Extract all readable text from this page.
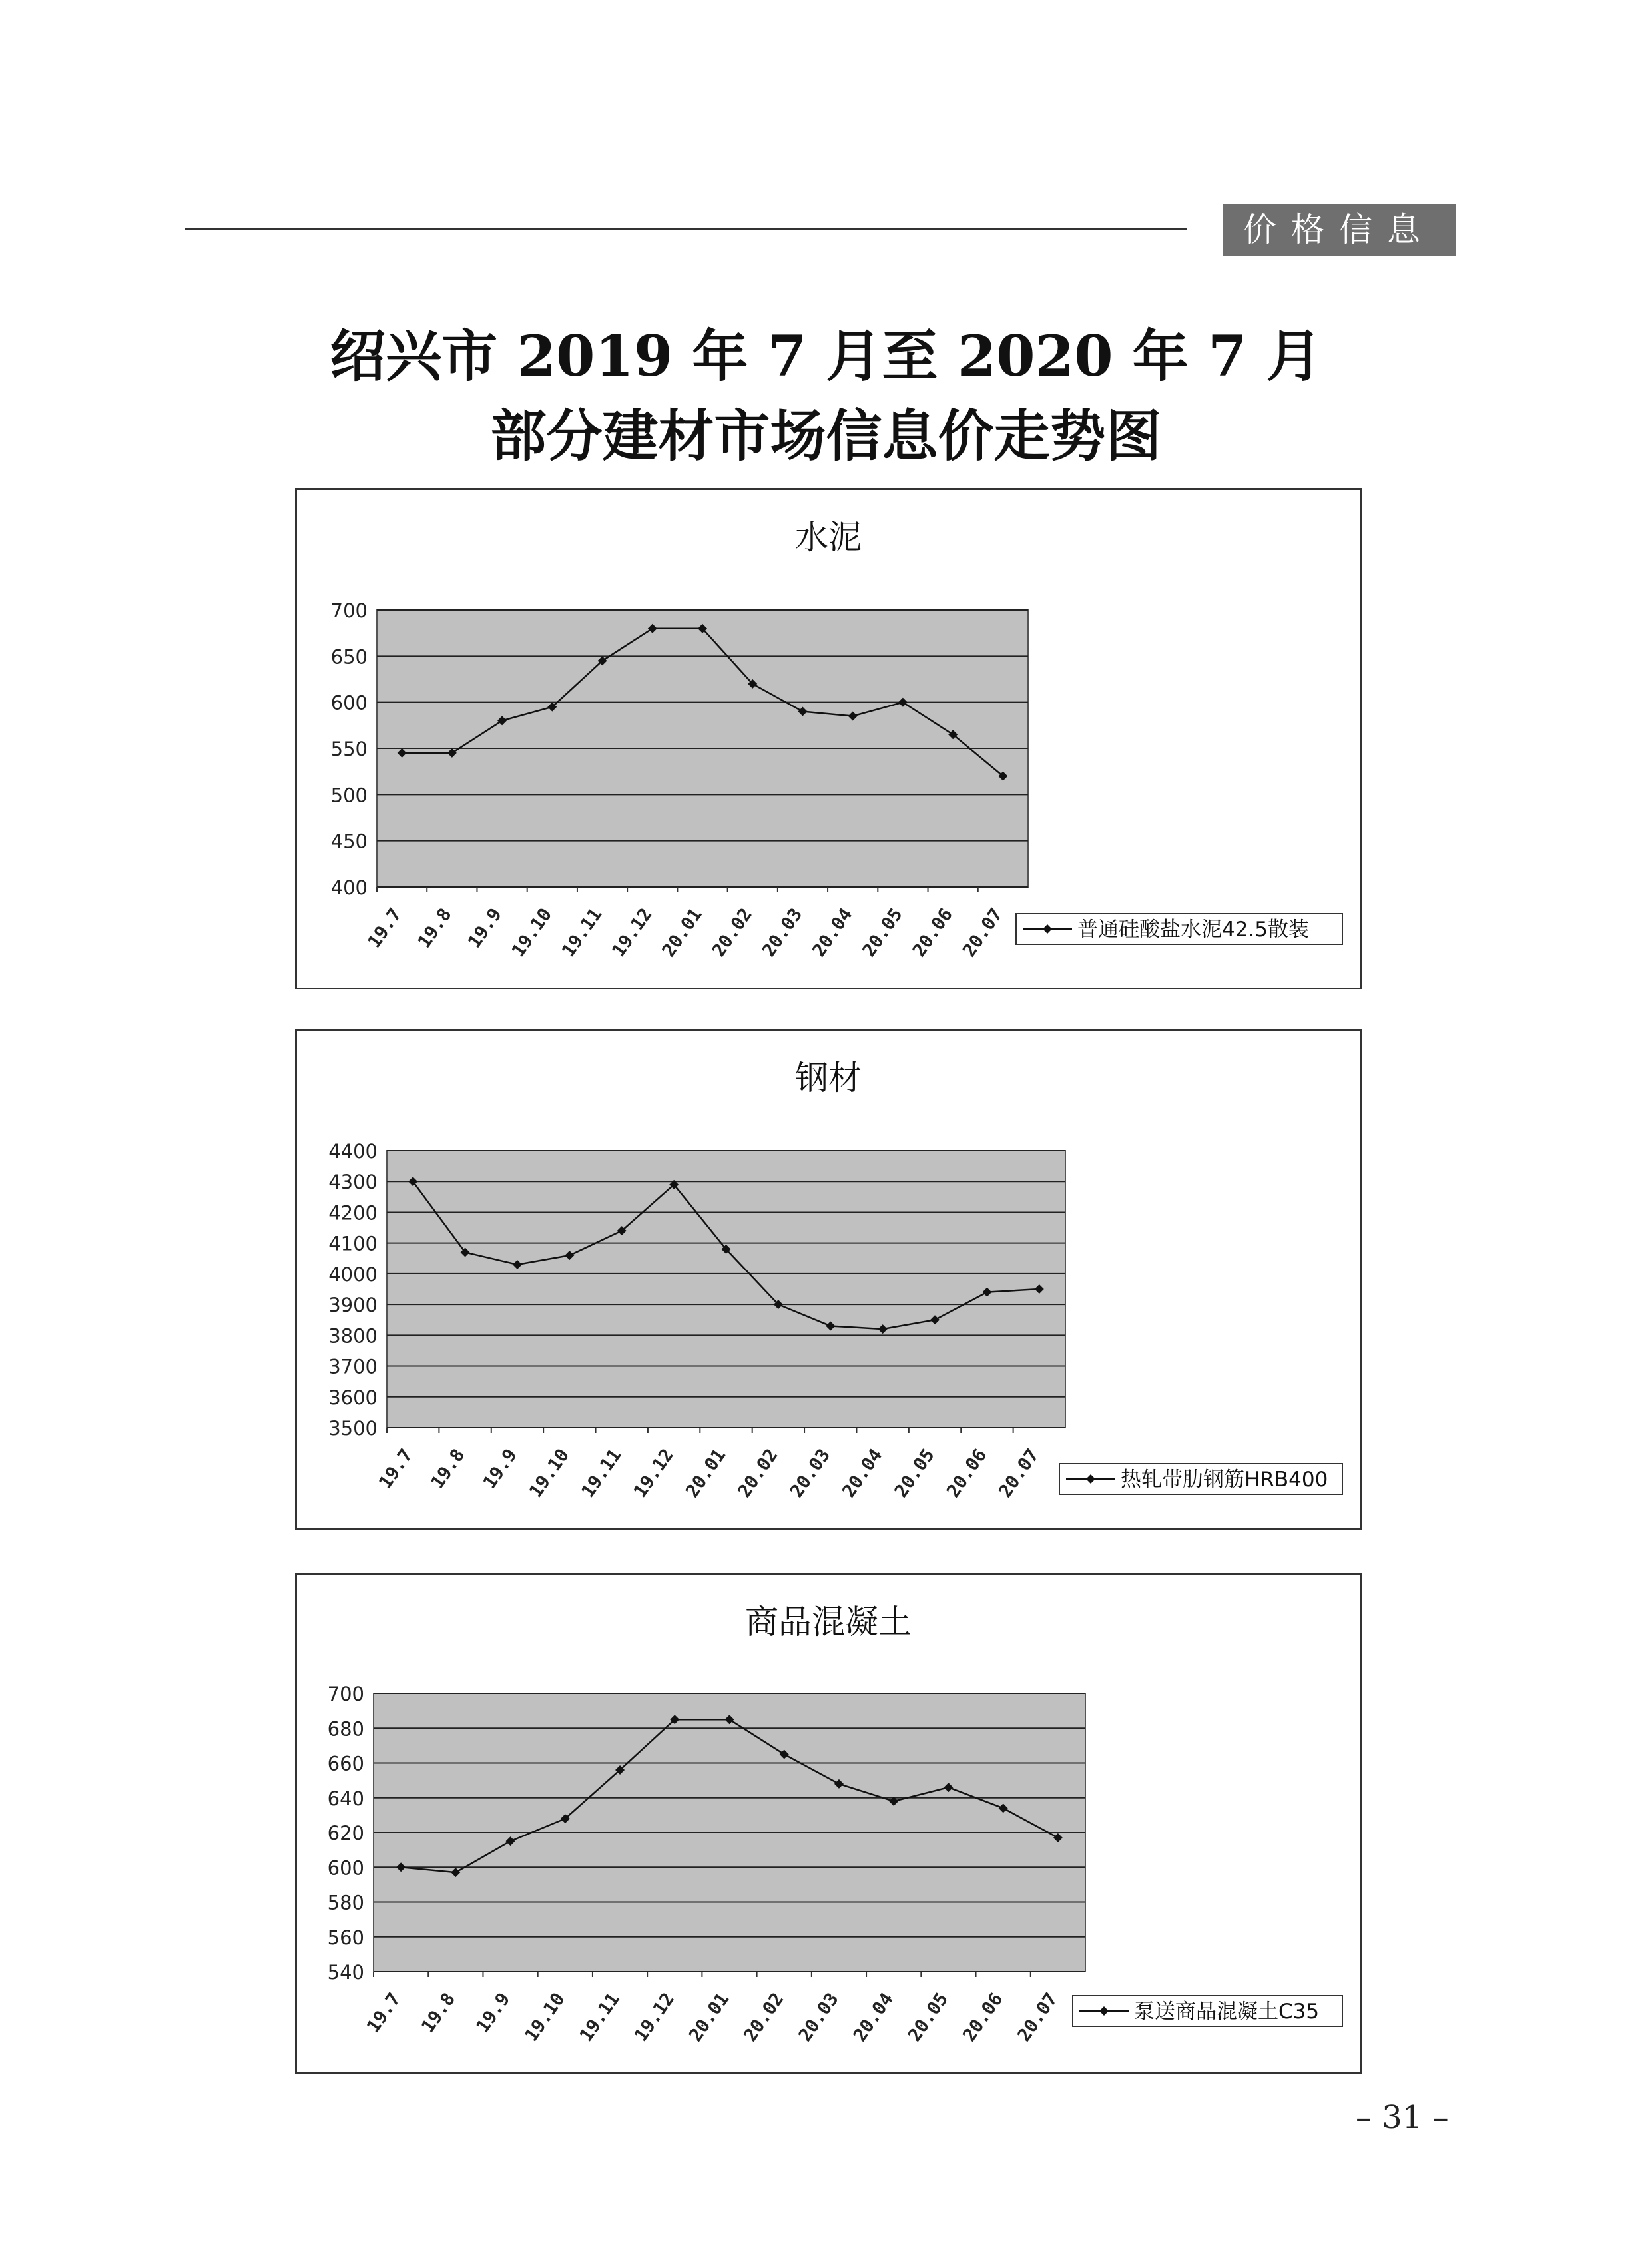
价格信息
绍兴市 2019 年 7 月至 2020 年 7 月
部分建材市场信息价走势图
水泥
400
450
500
550
600
650
700
19.7 19.8 19.9 19.10 19.11 19.12 20.01 20.02 20.03 20.04 20.05 20.06 20.07	普通硅酸盐水泥42.5散装
钢材
3500
3600
3700
3800
3900
4000
4100
4200
4300
4400
19.7 19.8 19.9 19.10 19.11 19.12 20.01 20.02 20.03 20.04 20.05 20.06 20.07	热轧带肋钢筋HRB400
商品混凝土
540
560
580
600
620
640
660
680
700
19.7 19.8 19.9 19.10 19.11 19.12 20.01 20.02 20.03 20.04 20.05 20.06 20.07	泵送商品混凝土C35
– 31 –
